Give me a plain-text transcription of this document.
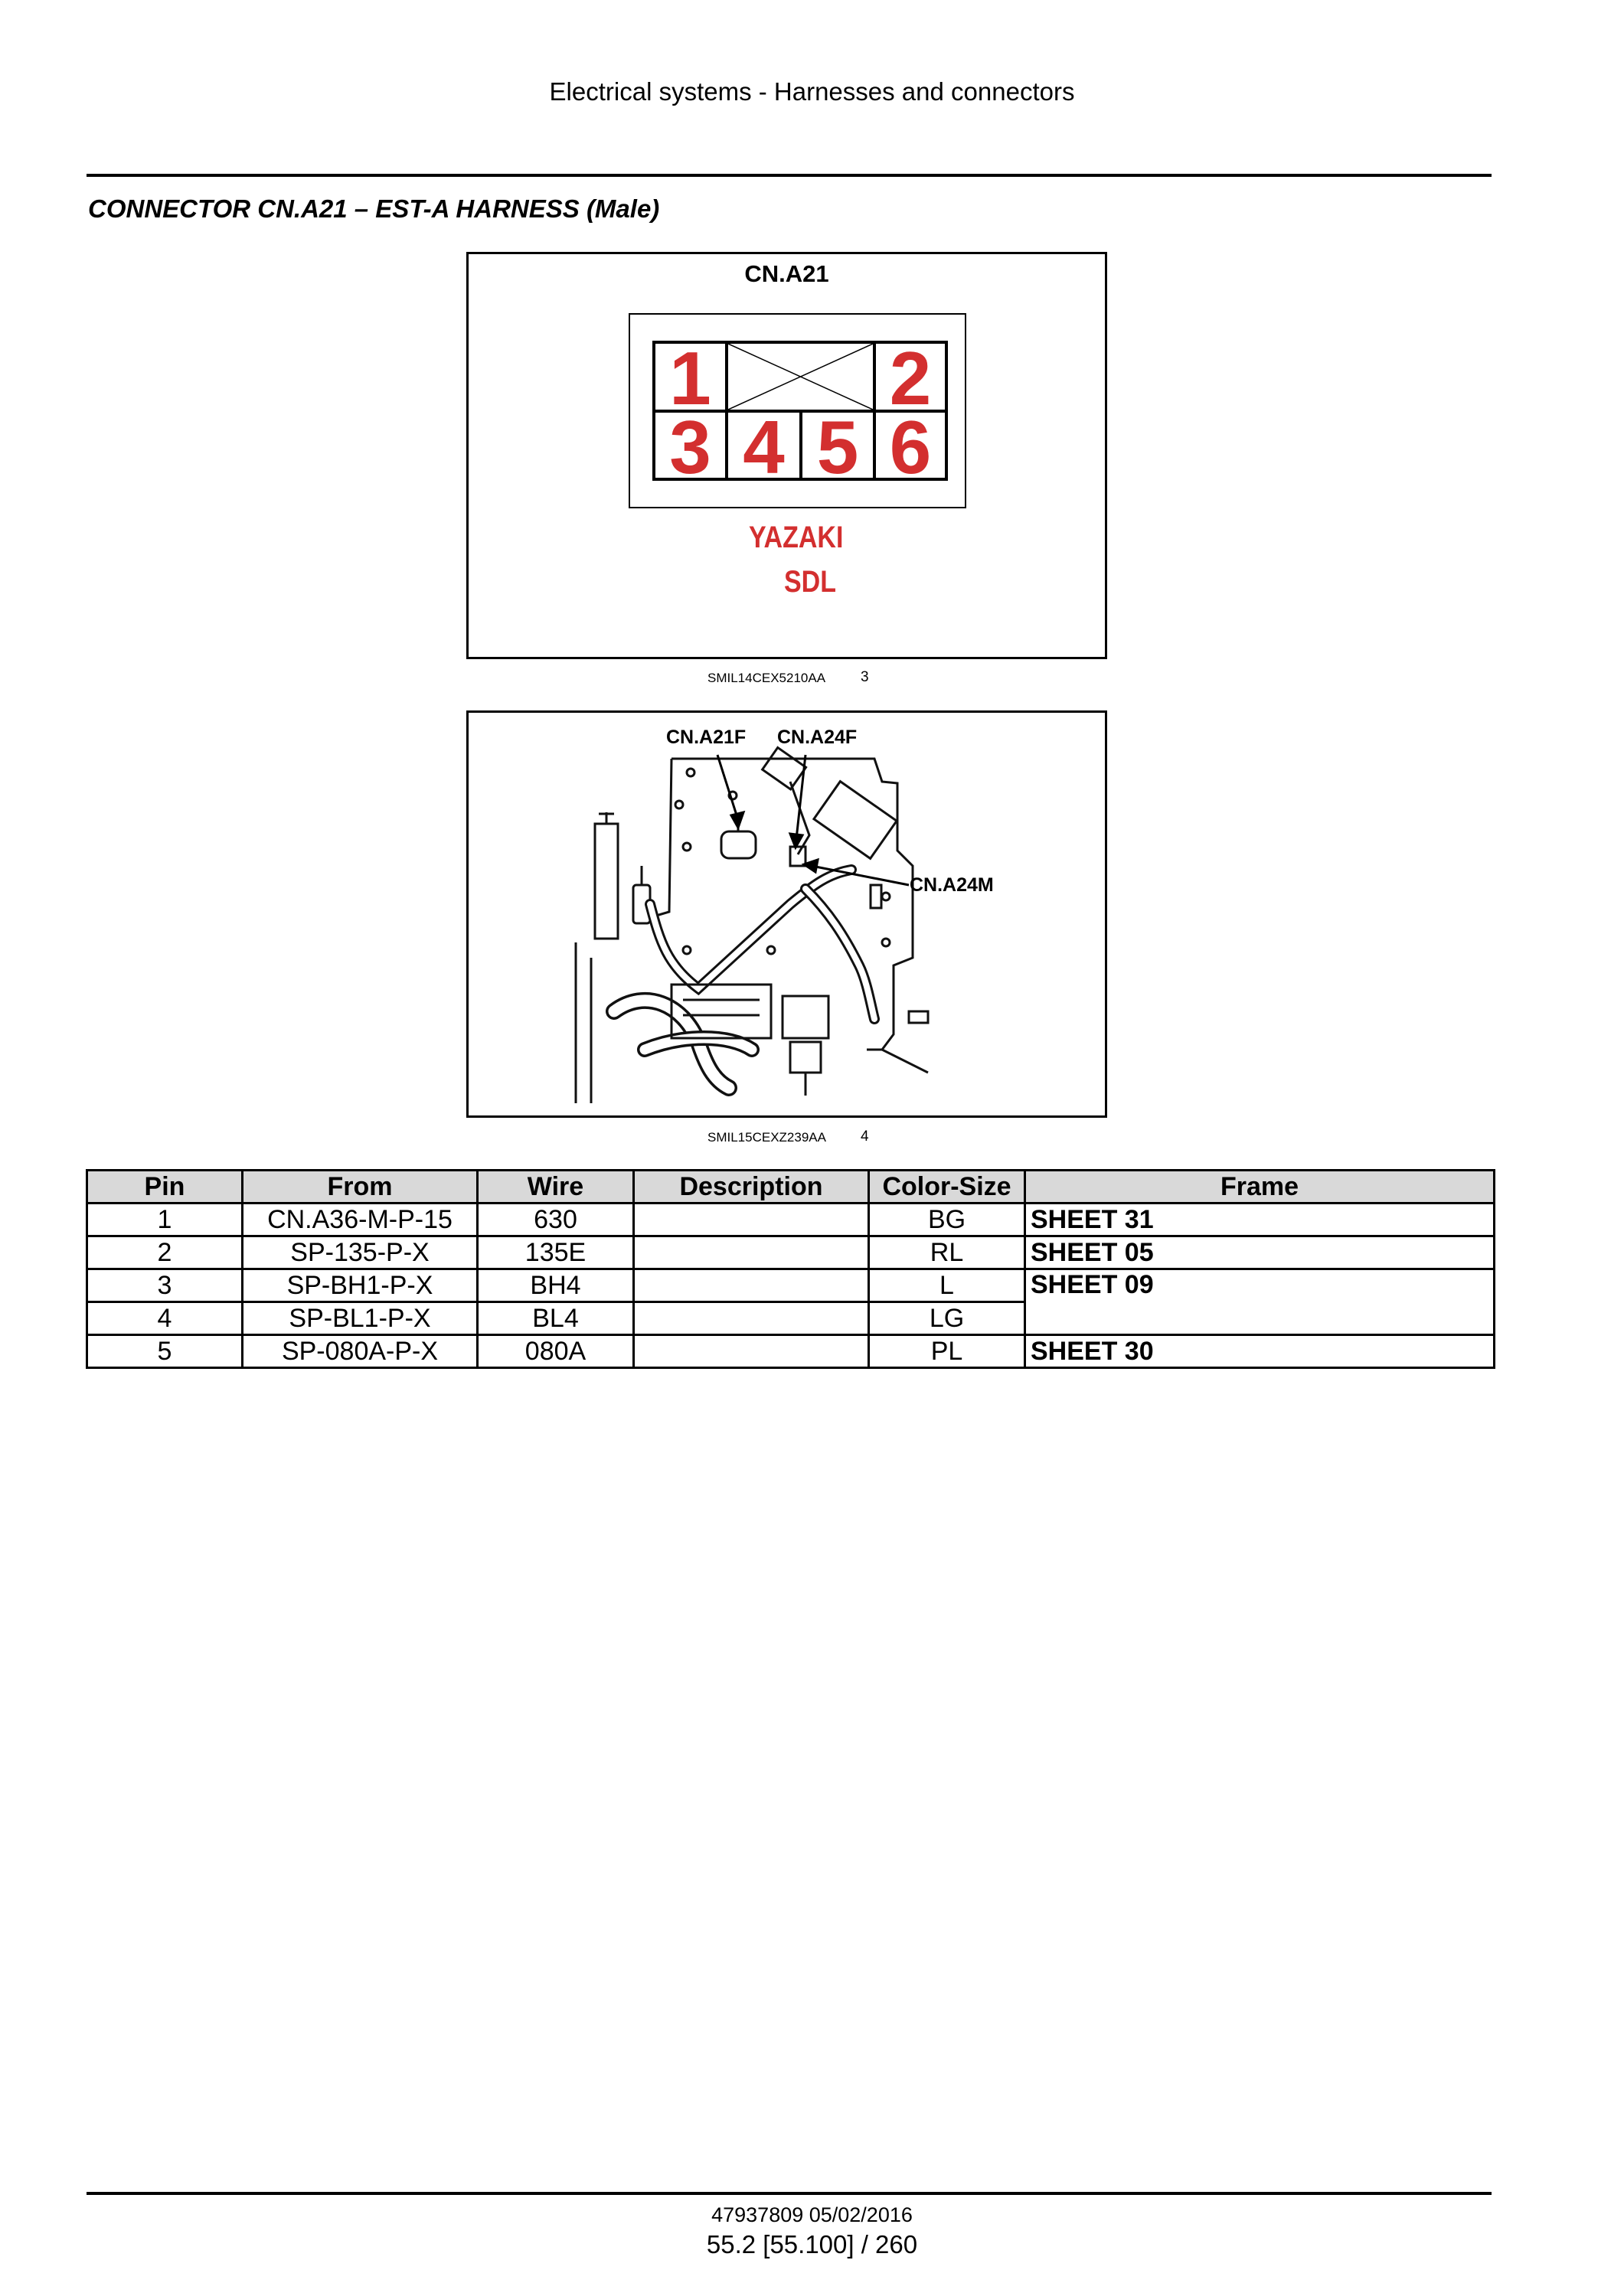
Electrical systems - Harnesses and connectors
CONNECTOR CN.A21 – EST-A HARNESS (Male)
CN.A21
1 2
3 4 5 6
YAZAKI
SDL
SMIL14CEX5210AA 3
CN.A21F CN.A24F
CN.A24M
SMIL15CEXZ239AA 4
Pin	From	Wire	Description	Color-Size	Frame
1	CN.A36-M-P-15	630		BG	SHEET 31
2	SP-135-P-X	135E		RL	SHEET 05
3	SP-BH1-P-X	BH4		L	SHEET 09
4	SP-BL1-P-X	BL4		LG	
5	SP-080A-P-X	080A		PL	SHEET 30
47937809 05/02/2016
55.2 [55.100] / 260
